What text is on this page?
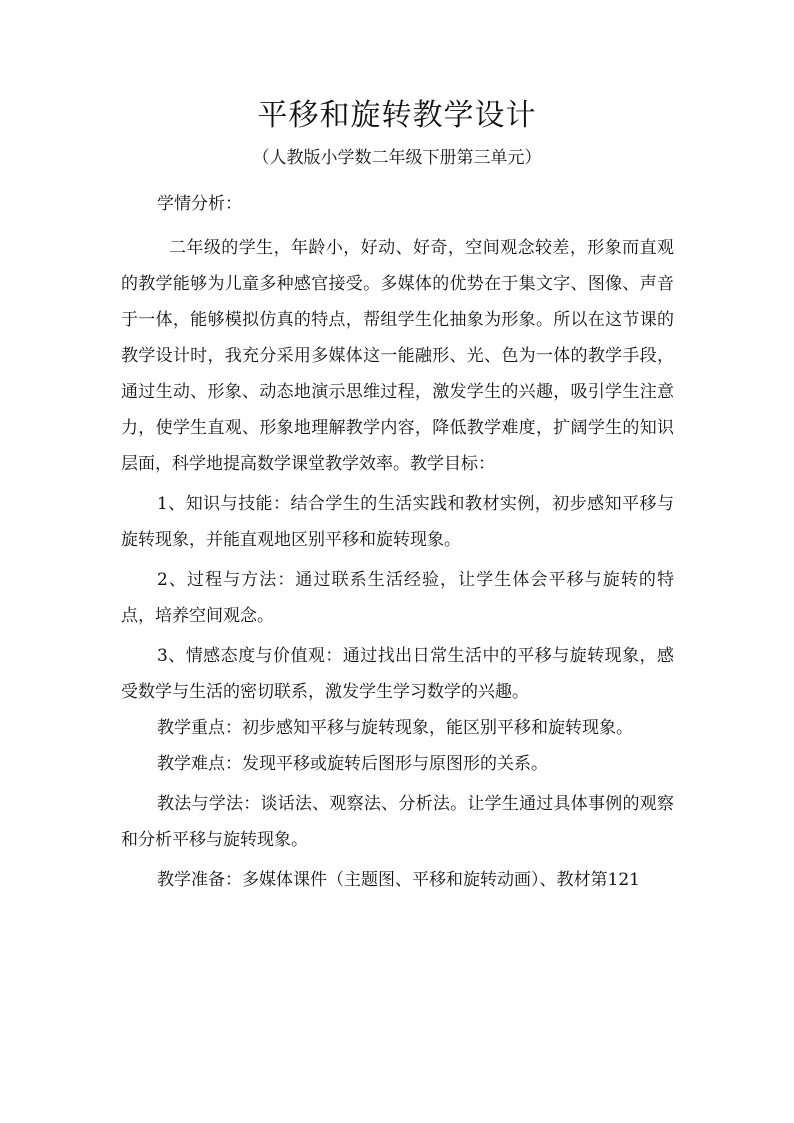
平移和旋转教学设计
（人教版小学数二年级下册第三单元）

学情分析：

二年级的学生，年龄小，好动、好奇，空间观念较差，形象而直观的教学能够为儿童多种感官接受。多媒体的优势在于集文字、图像、声音于一体，能够模拟仿真的特点，帮组学生化抽象为形象。所以在这节课的教学设计时，我充分采用多媒体这一能融形、光、色为一体的教学手段，通过生动、形象、动态地演示思维过程，激发学生的兴趣，吸引学生注意力，使学生直观、形象地理解教学内容，降低教学难度，扩阔学生的知识层面，科学地提高数学课堂教学效率。教学目标：

1、知识与技能：结合学生的生活实践和教材实例，初步感知平移与旋转现象，并能直观地区别平移和旋转现象。

2、过程与方法：通过联系生活经验，让学生体会平移与旋转的特点，培养空间观念。

3、情感态度与价值观：通过找出日常生活中的平移与旋转现象，感受数学与生活的密切联系，激发学生学习数学的兴趣。

教学重点：初步感知平移与旋转现象，能区别平移和旋转现象。

教学难点：发现平移或旋转后图形与原图形的关系。

教法与学法：谈话法、观察法、分析法。让学生通过具体事例的观察和分析平移与旋转现象。

教学准备：多媒体课件（主题图、平移和旋转动画）、教材第121
